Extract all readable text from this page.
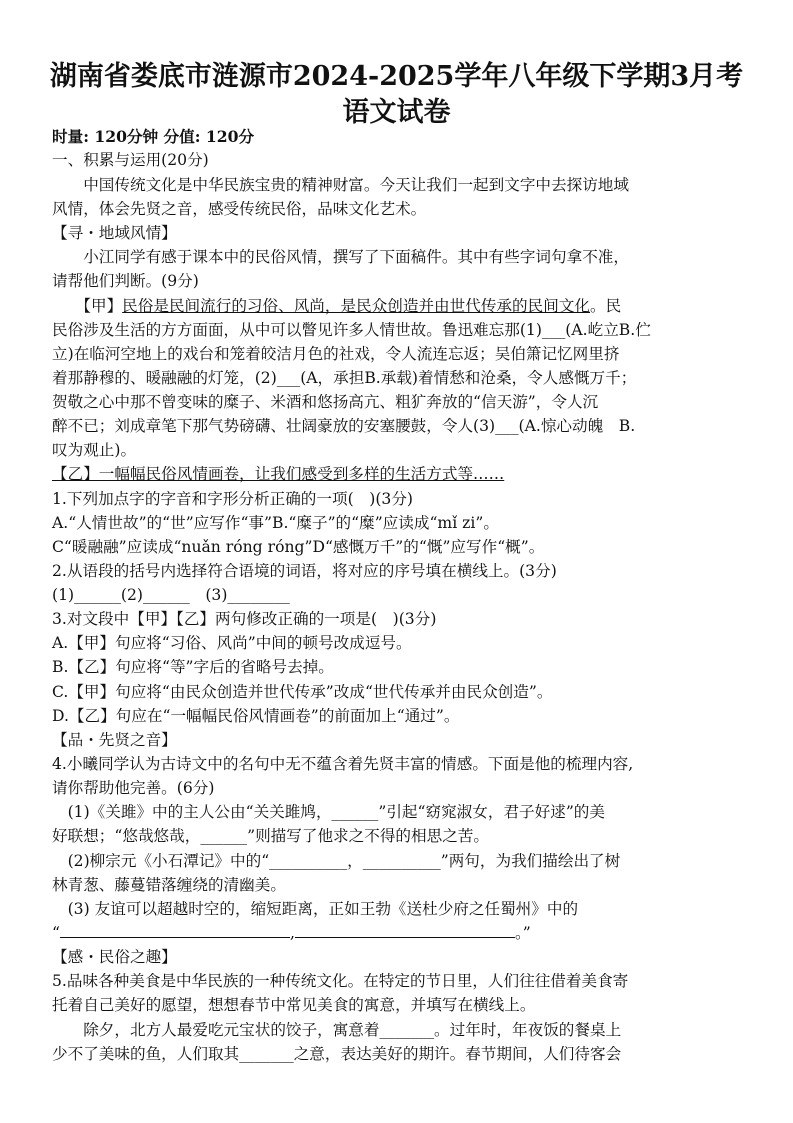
湖南省娄底市涟源市2024-2025学年八年级下学期3月考
语文试卷
时量: 120分钟 分值: 120分
一、积累与运用(20分)
　　中国传统文化是中华民族宝贵的精神财富。今天让我们一起到文字中去探访地域
风情，体会先贤之音，感受传统民俗，品味文化艺术。
【寻・地域风情】
　　小江同学有感于课本中的民俗风情，撰写了下面稿件。其中有些字词句拿不准，
请帮他们判断。(9分)
　　【甲】民俗是民间流行的习俗、风尚，是民众创造并由世代传承的民间文化。民
民俗涉及生活的方方面面，从中可以瞥见许多人情世故。鲁迅难忘那(1)___(A.屹立B.伫
立)在临河空地上的戏台和笼着皎洁月色的社戏，令人流连忘返；吴伯箫记忆网里挤
着那静穆的、暖融融的灯笼，(2)___(A，承担B.承载)着情愁和沧桑，令人感慨万千；
贺敬之心中那不曾变味的糜子、米酒和悠扬高亢、粗犷奔放的“信天游”，令人沉
醉不已；刘成章笔下那气势磅礴、壮阔豪放的安塞腰鼓，令人(3)___(A.惊心动魄　B.
叹为观止)。
【乙】一幅幅民俗风情画卷，让我们感受到多样的生活方式等……
1.下列加点字的字音和字形分析正确的一项(　)(3分)
A.“人情世故”的“世”应写作“事”B.“糜子”的“糜”应读成“mǐ zi”。
C“暖融融”应读成“nuǎn róng róng”D“感慨万千”的“慨”应写作“概”。
2.从语段的括号内选择符合语境的词语，将对应的序号填在横线上。(3分)
(1)______(2)______　(3)________
3.对文段中【甲】【乙】两句修改正确的一项是(　)(3分)
A.【甲】句应将“习俗、风尚”中间的顿号改成逗号。
B.【乙】句应将“等”字后的省略号去掉。
C.【甲】句应将“由民众创造并世代传承”改成“世代传承并由民众创造”。
D.【乙】句应在“一幅幅民俗风情画卷”的前面加上“通过”。
【品・先贤之音】
4.小曦同学认为古诗文中的名句中无不蕴含着先贤丰富的情感。下面是他的梳理内容,
请你帮助他完善。(6分)
　(1)《关雎》中的主人公由“关关雎鸠，______”引起“窈窕淑女，君子好逑”的美
好联想；“悠哉悠哉，______”则描写了他求之不得的相思之苦。
　(2)柳宗元《小石潭记》中的“__________，__________”两句，为我们描绘出了树
林青葱、藤蔓错落缠绕的清幽美。
　(3) 友谊可以超越时空的，缩短距离，正如王勃《送杜少府之任蜀州》中的
“	,	。”
【感・民俗之趣】
5.品味各种美食是中华民族的一种传统文化。在特定的节日里，人们往往借着美食寄
托着自己美好的愿望，想想春节中常见美食的寓意，并填写在横线上。
　　除夕，北方人最爱吃元宝状的饺子，寓意着_______。过年时，年夜饭的餐桌上
少不了美味的鱼，人们取其_______之意，表达美好的期许。春节期间，人们待客会
